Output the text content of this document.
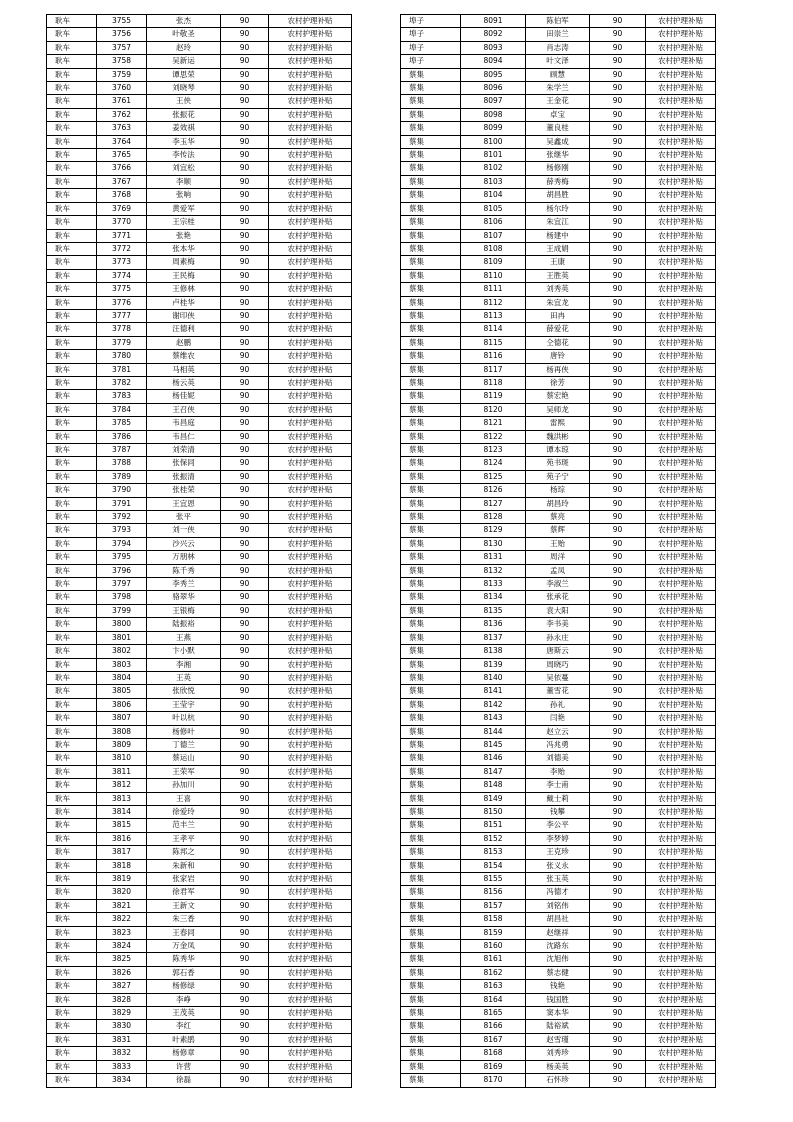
耿车	3755	张杰	90	农村护理补贴
耿车	3756	叶敬圣	90	农村护理补贴
耿车	3757	赵玲	90	农村护理补贴
耿车	3758	吴新运	90	农村护理补贴
耿车	3759	谭思荣	90	农村护理补贴
耿车	3760	刘晓琴	90	农村护理补贴
耿车	3761	王侠	90	农村护理补贴
耿车	3762	张振花	90	农村护理补贴
耿车	3763	姜效祺	90	农村护理补贴
耿车	3764	李玉华	90	农村护理补贴
耿车	3765	李传法	90	农村护理补贴
耿车	3766	刘宜松	90	农村护理补贴
耿车	3767	李顺	90	农村护理补贴
耿车	3768	张响	90	农村护理补贴
耿车	3769	黄爱军	90	农村护理补贴
耿车	3770	王宗桂	90	农村护理补贴
耿车	3771	张艳	90	农村护理补贴
耿车	3772	张本华	90	农村护理补贴
耿车	3773	周素梅	90	农村护理补贴
耿车	3774	王民梅	90	农村护理补贴
耿车	3775	王修林	90	农村护理补贴
耿车	3776	卢桂华	90	农村护理补贴
耿车	3777	谢印侠	90	农村护理补贴
耿车	3778	汪德利	90	农村护理补贴
耿车	3779	赵鹏	90	农村护理补贴
耿车	3780	蔡维农	90	农村护理补贴
耿车	3781	马相英	90	农村护理补贴
耿车	3782	杨云英	90	农村护理补贴
耿车	3783	杨佳妮	90	农村护理补贴
耿车	3784	王召侠	90	农村护理补贴
耿车	3785	韦昌庭	90	农村护理补贴
耿车	3786	韦昌仁	90	农村护理补贴
耿车	3787	刘荣清	90	农村护理补贴
耿车	3788	张保同	90	农村护理补贴
耿车	3789	张振清	90	农村护理补贴
耿车	3790	张桂荣	90	农村护理补贴
耿车	3791	王宜恩	90	农村护理补贴
耿车	3792	张平	90	农村护理补贴
耿车	3793	刘一侠	90	农村护理补贴
耿车	3794	沙兴云	90	农村护理补贴
耿车	3795	万朋林	90	农村护理补贴
耿车	3796	陈千秀	90	农村护理补贴
耿车	3797	李秀兰	90	农村护理补贴
耿车	3798	骆翠华	90	农村护理补贴
耿车	3799	王银梅	90	农村护理补贴
耿车	3800	陆振裕	90	农村护理补贴
耿车	3801	王燕	90	农村护理补贴
耿车	3802	卞小默	90	农村护理补贴
耿车	3803	李湘	90	农村护理补贴
耿车	3804	王英	90	农村护理补贴
耿车	3805	张欣悦	90	农村护理补贴
耿车	3806	王莹宇	90	农村护理补贴
耿车	3807	叶以杭	90	农村护理补贴
耿车	3808	杨修叶	90	农村护理补贴
耿车	3809	丁德兰	90	农村护理补贴
耿车	3810	蔡运山	90	农村护理补贴
耿车	3811	王荣军	90	农村护理补贴
耿车	3812	孙加川	90	农村护理补贴
耿车	3813	王喜	90	农村护理补贴
耿车	3814	徐爱玲	90	农村护理补贴
耿车	3815	范丰兰	90	农村护理补贴
耿车	3816	王孝平	90	农村护理补贴
耿车	3817	陈邦之	90	农村护理补贴
耿车	3818	朱新和	90	农村护理补贴
耿车	3819	张家岩	90	农村护理补贴
耿车	3820	徐君军	90	农村护理补贴
耿车	3821	王新文	90	农村护理补贴
耿车	3822	朱三香	90	农村护理补贴
耿车	3823	王春同	90	农村护理补贴
耿车	3824	万金凤	90	农村护理补贴
耿车	3825	陈秀华	90	农村护理补贴
耿车	3826	郭石香	90	农村护理补贴
耿车	3827	杨修绿	90	农村护理补贴
耿车	3828	李峥	90	农村护理补贴
耿车	3829	王茂英	90	农村护理补贴
耿车	3830	李红	90	农村护理补贴
耿车	3831	叶素鹃	90	农村护理补贴
耿车	3832	杨修章	90	农村护理补贴
耿车	3833	许营	90	农村护理补贴
耿车	3834	徐磊	90	农村护理补贴
埠子	8091	陈伯军	90	农村护理补贴
埠子	8092	田崇兰	90	农村护理补贴
埠子	8093	肖志涛	90	农村护理补贴
埠子	8094	叶文泽	90	农村护理补贴
蔡集	8095	顾慧	90	农村护理补贴
蔡集	8096	朱学兰	90	农村护理补贴
蔡集	8097	王金花	90	农村护理补贴
蔡集	8098	卓宝	90	农村护理补贴
蔡集	8099	董良桂	90	农村护理补贴
蔡集	8100	吴鑫成	90	农村护理补贴
蔡集	8101	张继华	90	农村护理补贴
蔡集	8102	杨修刚	90	农村护理补贴
蔡集	8103	薛秀梅	90	农村护理补贴
蔡集	8104	胡昌胜	90	农村护理补贴
蔡集	8105	杨尔玲	90	农村护理补贴
蔡集	8106	朱宜江	90	农村护理补贴
蔡集	8107	杨建中	90	农村护理补贴
蔡集	8108	王成娟	90	农村护理补贴
蔡集	8109	王康	90	农村护理补贴
蔡集	8110	王胜英	90	农村护理补贴
蔡集	8111	刘秀英	90	农村护理补贴
蔡集	8112	朱宜龙	90	农村护理补贴
蔡集	8113	田冉	90	农村护理补贴
蔡集	8114	薛爱花	90	农村护理补贴
蔡集	8115	仝德花	90	农村护理补贴
蔡集	8116	唐铃	90	农村护理补贴
蔡集	8117	杨再侠	90	农村护理补贴
蔡集	8118	徐芳	90	农村护理补贴
蔡集	8119	蔡宏艳	90	农村护理补贴
蔡集	8120	吴师龙	90	农村护理补贴
蔡集	8121	雷熙	90	农村护理补贴
蔡集	8122	魏洪彬	90	农村护理补贴
蔡集	8123	谭本琼	90	农村护理补贴
蔡集	8124	苑书斑	90	农村护理补贴
蔡集	8125	苑子宁	90	农村护理补贴
蔡集	8126	杨琮	90	农村护理补贴
蔡集	8127	胡昌玲	90	农村护理补贴
蔡集	8128	蔡亮	90	农村护理补贴
蔡集	8129	蔡辉	90	农村护理补贴
蔡集	8130	王贻	90	农村护理补贴
蔡集	8131	周洋	90	农村护理补贴
蔡集	8132	孟凤	90	农村护理补贴
蔡集	8133	李淑兰	90	农村护理补贴
蔡集	8134	张承花	90	农村护理补贴
蔡集	8135	袁大阳	90	农村护理补贴
蔡集	8136	李书美	90	农村护理补贴
蔡集	8137	孙永庄	90	农村护理补贴
蔡集	8138	唐斯云	90	农村护理补贴
蔡集	8139	周晓巧	90	农村护理补贴
蔡集	8140	吴依蔓	90	农村护理补贴
蔡集	8141	董雪花	90	农村护理补贴
蔡集	8142	孙礼	90	农村护理补贴
蔡集	8143	闫艳	90	农村护理补贴
蔡集	8144	赵立云	90	农村护理补贴
蔡集	8145	冯兆勇	90	农村护理补贴
蔡集	8146	刘德美	90	农村护理补贴
蔡集	8147	李贻	90	农村护理补贴
蔡集	8148	李士甫	90	农村护理补贴
蔡集	8149	戴士莉	90	农村护理补贴
蔡集	8150	钱攀	90	农村护理补贴
蔡集	8151	李公平	90	农村护理补贴
蔡集	8152	李梦婷	90	农村护理补贴
蔡集	8153	王克珍	90	农村护理补贴
蔡集	8154	张义永	90	农村护理补贴
蔡集	8155	张玉英	90	农村护理补贴
蔡集	8156	冯德才	90	农村护理补贴
蔡集	8157	刘铭伟	90	农村护理补贴
蔡集	8158	胡昌社	90	农村护理补贴
蔡集	8159	赵继祥	90	农村护理补贴
蔡集	8160	沈路东	90	农村护理补贴
蔡集	8161	沈旭伟	90	农村护理补贴
蔡集	8162	蔡志健	90	农村护理补贴
蔡集	8163	钱艳	90	农村护理补贴
蔡集	8164	钱国胜	90	农村护理补贴
蔡集	8165	窦本华	90	农村护理补贴
蔡集	8166	陆裕斌	90	农村护理补贴
蔡集	8167	赵雪瑾	90	农村护理补贴
蔡集	8168	刘秀珍	90	农村护理补贴
蔡集	8169	杨美英	90	农村护理补贴
蔡集	8170	石怀珍	90	农村护理补贴
